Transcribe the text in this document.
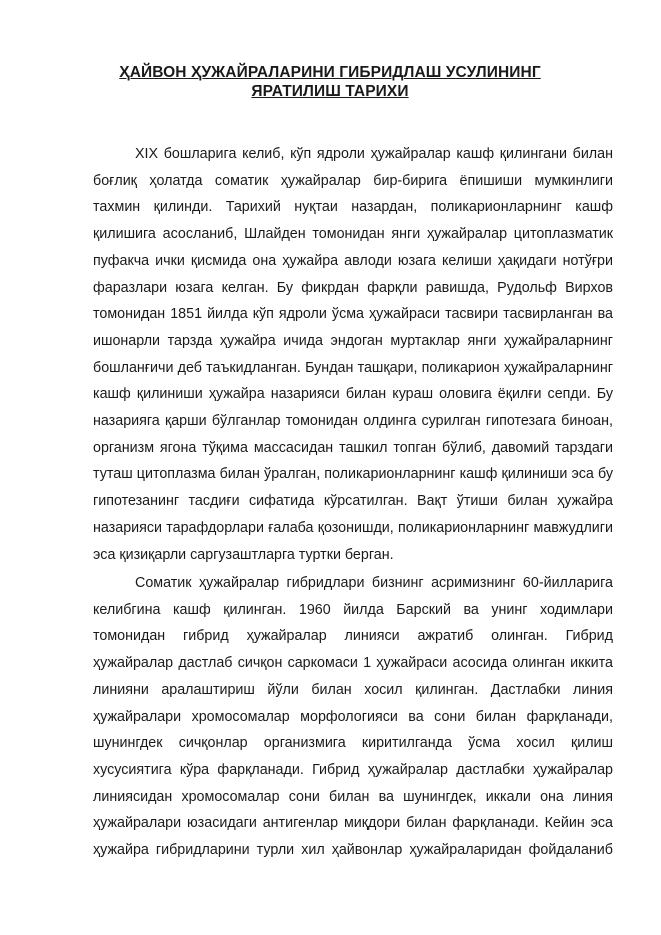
ҲАЙВОН ҲУЖАЙРАЛАРИНИ ГИБРИДЛАШ УСУЛИНИНГ
ЯРАТИЛИШ ТАРИХИ
XIX бошларига келиб, кўп ядроли ҳужайралар кашф қилингани билан
боғлиқ ҳолатда соматик ҳужайралар бир-бирига ёпишиши мумкинлиги
тахмин қилинди. Тарихий нуқтаи назардан, поликарионларнинг кашф
қилишига асосланиб, Шлайден томонидан янги ҳужайралар цитоплазматик
пуфакча ички қисмида она ҳужайра авлоди юзага келиши ҳақидаги нотўғри
фаразлари юзага келган. Бу фикрдан фарқли равишда, Рудольф Вирхов
томонидан 1851 йилда кўп ядроли ўсма ҳужайраси тасвири тасвирланган ва
ишонарли тарзда ҳужайра ичида эндоган муртаклар янги ҳужайраларнинг
бошланғичи деб таъкидланган. Бундан ташқари, поликарион ҳужайраларнинг
кашф қилиниши ҳужайра назарияси билан кураш оловига ёқилғи сепди. Бу
назарияга қарши бўлганлар томонидан олдинга сурилган гипотезага биноан,
организм ягона тўқима массасидан ташкил топган бўлиб, давомий тарздаги
туташ цитоплазма билан ўралган, поликарионларнинг кашф қилиниши эса бу
гипотезанинг тасдиғи сифатида кўрсатилган. Вақт ўтиши билан ҳужайра
назарияси тарафдорлари ғалаба қозонишди, поликарионларнинг мавжудлиги
эса қизиқарли саргузаштларга туртки берган.
Соматик ҳужайралар гибридлари бизнинг асримизнинг 60-йилларига
келибгина кашф қилинган. 1960 йилда Барский ва унинг ходимлари
томонидан гибрид ҳужайралар линияси ажратиб олинган. Гибрид
ҳужайралар дастлаб сичқон саркомаси 1 ҳужайраси асосида олинган иккита
линияни аралаштириш йўли билан хосил қилинган. Дастлабки линия
ҳужайралари хромосомалар морфологияси ва сони билан фарқланади,
шунингдек сичқонлар организмига киритилганда ўсма хосил қилиш
хусусиятига кўра фарқланади. Гибрид ҳужайралар дастлабки ҳужайралар
линиясидан хромосомалар сони билан ва шунингдек, иккали она линия
ҳужайралари юзасидаги антигенлар миқдори билан фарқланади. Кейин эса
ҳужайра гибридларини турли хил ҳайвонлар ҳужайраларидан фойдаланиб
